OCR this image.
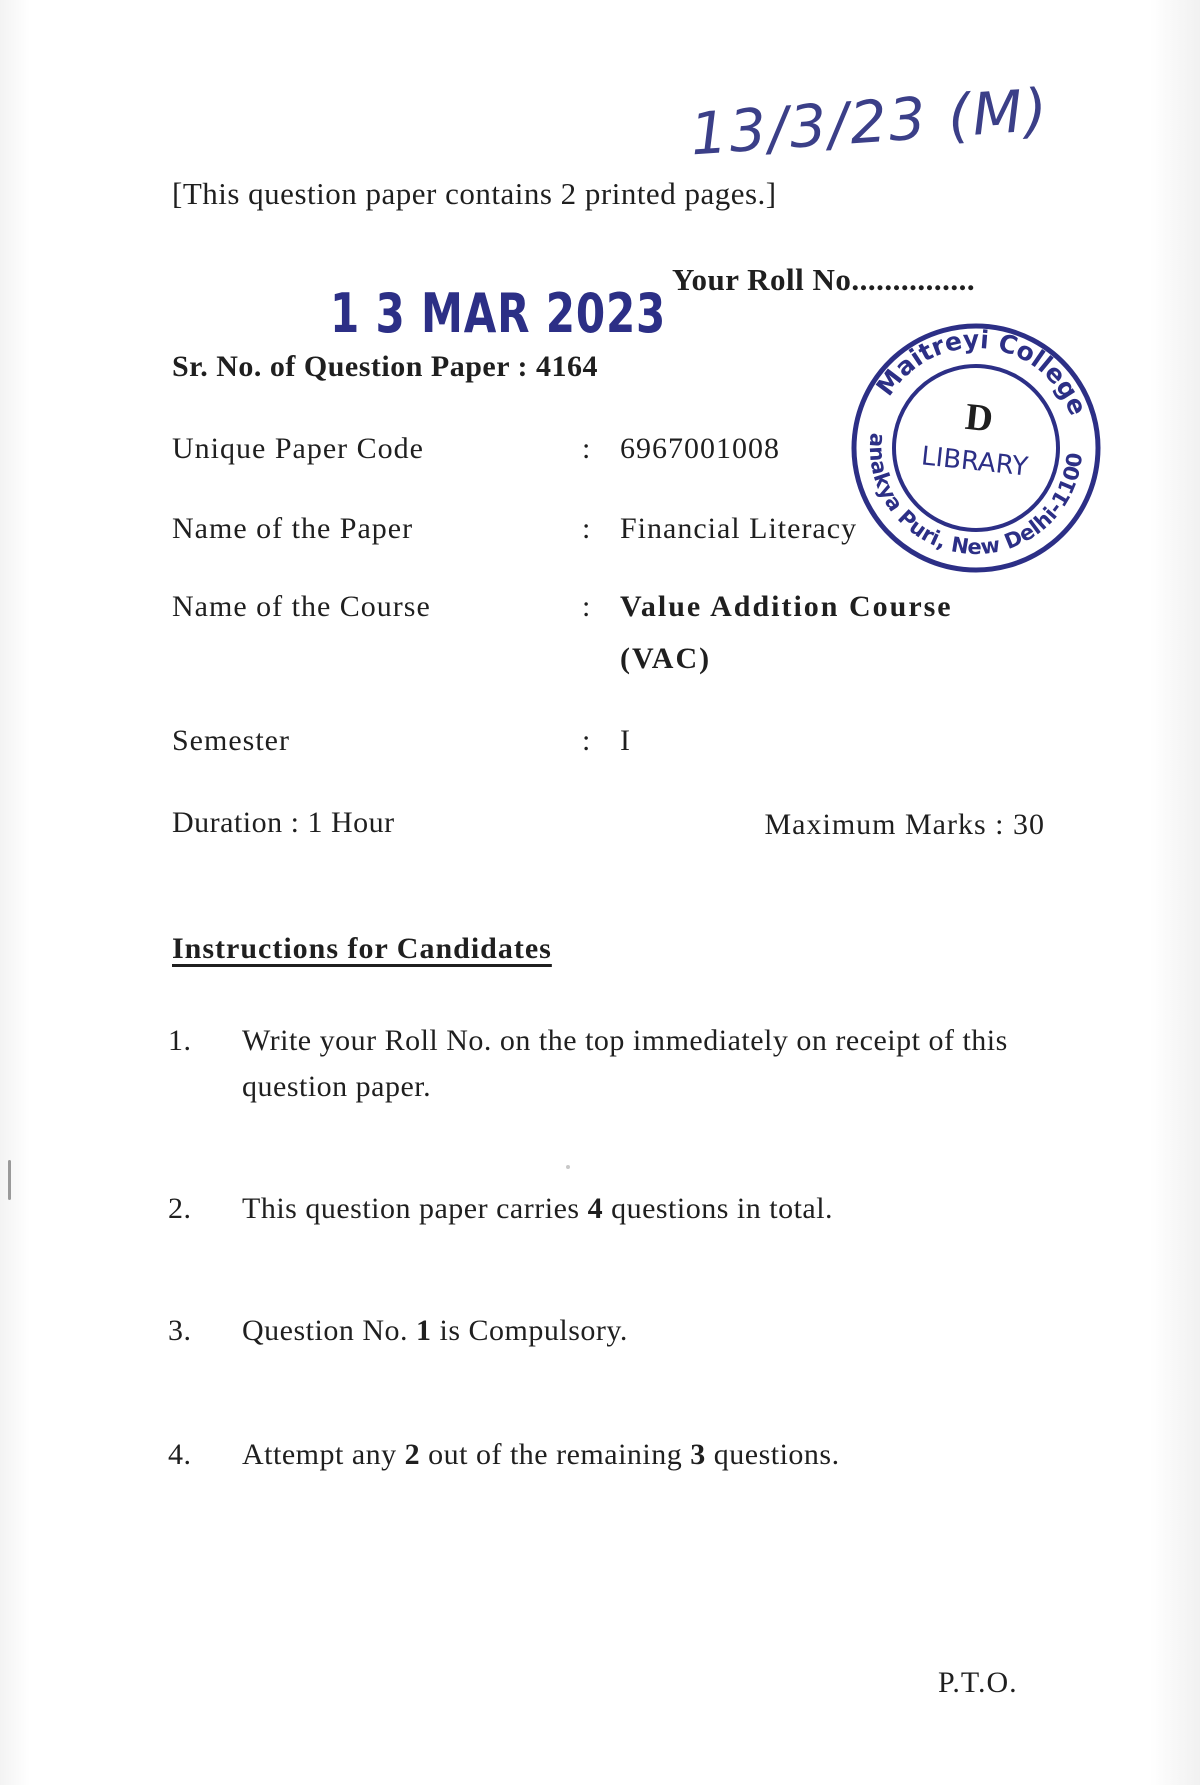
13/3/23 (M)
[This question paper contains 2 printed pages.]
Your Roll No...............
1 3 MAR 2023
Sr. No. of Question Paper : 4164	Maitreyi College
Chanakya Puri, New Delhi-110021
D
LIBRARY
Unique Paper Code	: 6967001008
Name of the Paper	: Financial Literacy
Name of the Course	: Value Addition Course
(VAC)
Semester	: I
Duration : 1 Hour	Maximum Marks : 30
Instructions for Candidates
1. Write your Roll No. on the top immediately on receipt of this question paper.
2. This question paper carries 4 questions in total.
3. Question No. 1 is Compulsory.
4. Attempt any 2 out of the remaining 3 questions.
P.T.O.
